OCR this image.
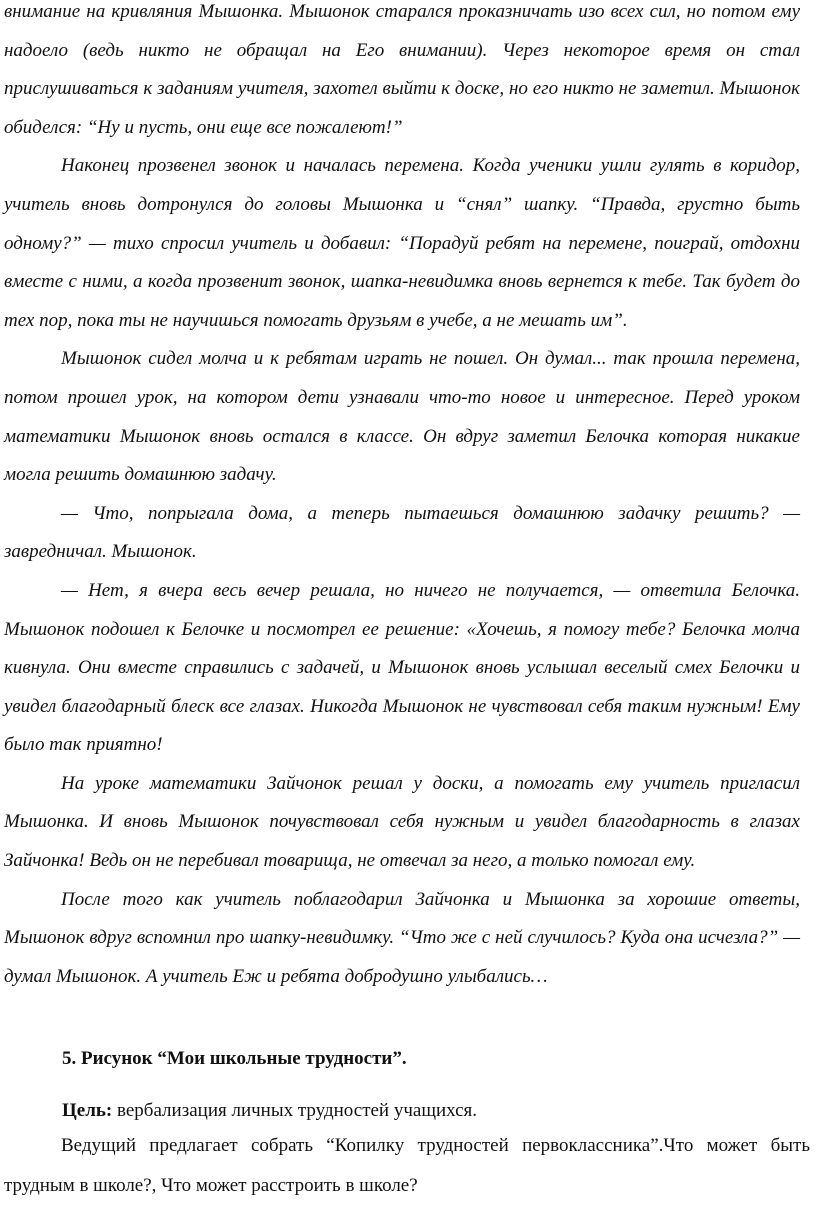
внимание на кривляния Мышонка. Мышонок старался проказничать изо всех сил, но потом ему надоело (ведь никто не обращал на Его внимании). Через некоторое время он стал прислушиваться к заданиям учителя, захотел выйти к доске, но его никто не заметил. Мышонок обиделся: “Ну и пусть, они еще все пожалеют!”

Наконец прозвенел звонок и началась перемена. Когда ученики ушли гулять в коридор, учитель вновь дотронулся до головы Мышонка и “снял” шапку. “Правда, грустно быть одному?” — тихо спросил учитель и добавил: “Порадуй ребят на перемене, поиграй, отдохни вместе с ними, а когда прозвенит звонок, шапка-невидимка вновь вернется к тебе. Так будет до тех пор, пока ты не научишься помогать друзьям в учебе, а не мешать им”.

Мышонок сидел молча и к ребятам играть не пошел. Он думал... так прошла перемена, потом прошел урок, на котором дети узнавали что-то новое и интересное. Перед уроком математики Мышонок вновь остался в классе. Он вдруг заметил Белочка которая никакие могла решить домашнюю задачу.

— Что, попрыгала дома, а теперь пытаешься домашнюю задачку решить? — завредничал. Мышонок.

— Нет, я вчера весь вечер решала, но ничего не получается, — ответила Белочка. Мышонок подошел к Белочке и посмотрел ее решение: «Хочешь, я помогу тебе? Белочка молча кивнула. Они вместе справились с задачей, и Мышонок вновь услышал веселый смех Белочки и увидел благодарный блеск все глазах. Никогда Мышонок не чувствовал себя таким нужным! Ему было так приятно!

На уроке математики Зайчонок решал у доски, а помогать ему учитель пригласил Мышонка. И вновь Мышонок почувствовал себя нужным и увидел благодарность в глазах Зайчонка! Ведь он не перебивал товарища, не отвечал за него, а только помогал ему.

После того как учитель поблагодарил Зайчонка и Мышонка за хорошие ответы, Мышонок вдруг вспомнил про шапку-невидимку. “Что же с ней случилось? Куда она исчезла?” — думал Мышонок. А учитель Еж и ребята добродушно улыбались…

5. Рисунок “Мои школьные трудности”.

Цель: вербализация личных трудностей учащихся.

Ведущий предлагает собрать “Копилку трудностей первоклассника”.Что может быть трудным в школе?, Что может расстроить в школе?
